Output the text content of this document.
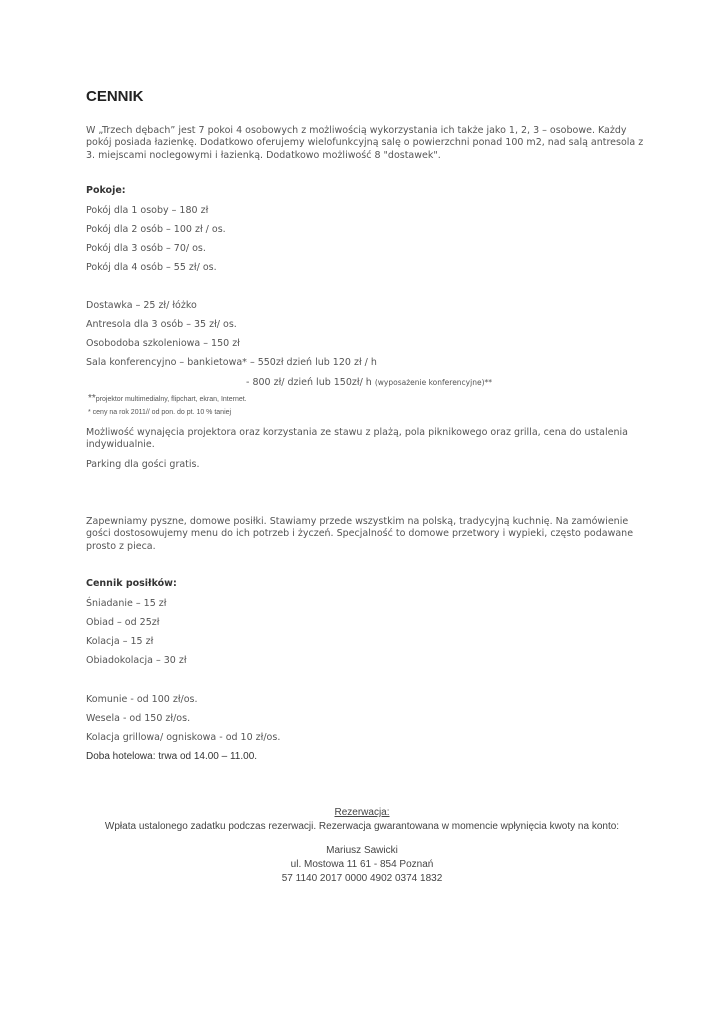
CENNIK

W „Trzech dębach” jest 7 pokoi 4 osobowych z możliwością wykorzystania ich także jako 1, 2, 3 – osobowe. Każdy pokój posiada łazienkę. Dodatkowo oferujemy wielofunkcyjną salę o powierzchni ponad 100 m2, nad salą antresola z 3. miejscami noclegowymi i łazienką. Dodatkowo możliwość 8 "dostawek".

Pokoje:

Pokój dla 1 osoby – 180 zł

Pokój dla 2 osób – 100 zł / os.

Pokój dla 3 osób – 70/ os.

Pokój dla 4 osób – 55 zł/ os.

Dostawka – 25 zł/ łóżko

Antresola dla 3 osób – 35 zł/ os.

Osobodoba szkoleniowa – 150 zł

Sala konferencyjno – bankietowa* – 550zł dzień lub 120 zł / h

- 800 zł/ dzień lub 150zł/ h (wyposażenie konferencyjne)**

**projektor multimedialny, flipchart, ekran, Internet.

* ceny na rok 2011// od pon. do pt. 10 % taniej

Możliwość wynajęcia projektora oraz korzystania ze stawu z plażą, pola piknikowego oraz grilla, cena do ustalenia indywidualnie.

Parking dla gości gratis.

Zapewniamy pyszne, domowe posiłki. Stawiamy przede wszystkim na polską, tradycyjną kuchnię. Na zamówienie gości dostosowujemy menu do ich potrzeb i życzeń. Specjalność to domowe przetwory i wypieki, często podawane prosto z pieca.

Cennik posiłków:

Śniadanie – 15 zł

Obiad – od 25zł

Kolacja – 15 zł

Obiadokolacja – 30 zł

Komunie - od 100 zł/os.

Wesela - od 150 zł/os.

Kolacja grillowa/ ogniskowa - od 10 zł/os.

Doba hotelowa: trwa od 14.00 – 11.00.

Rezerwacja:

Wpłata ustalonego zadatku podczas rezerwacji. Rezerwacja gwarantowana w momencie wpłynięcia kwoty na konto:

Mariusz Sawicki

ul. Mostowa 11 61 - 854 Poznań

57 1140 2017 0000 4902 0374 1832
